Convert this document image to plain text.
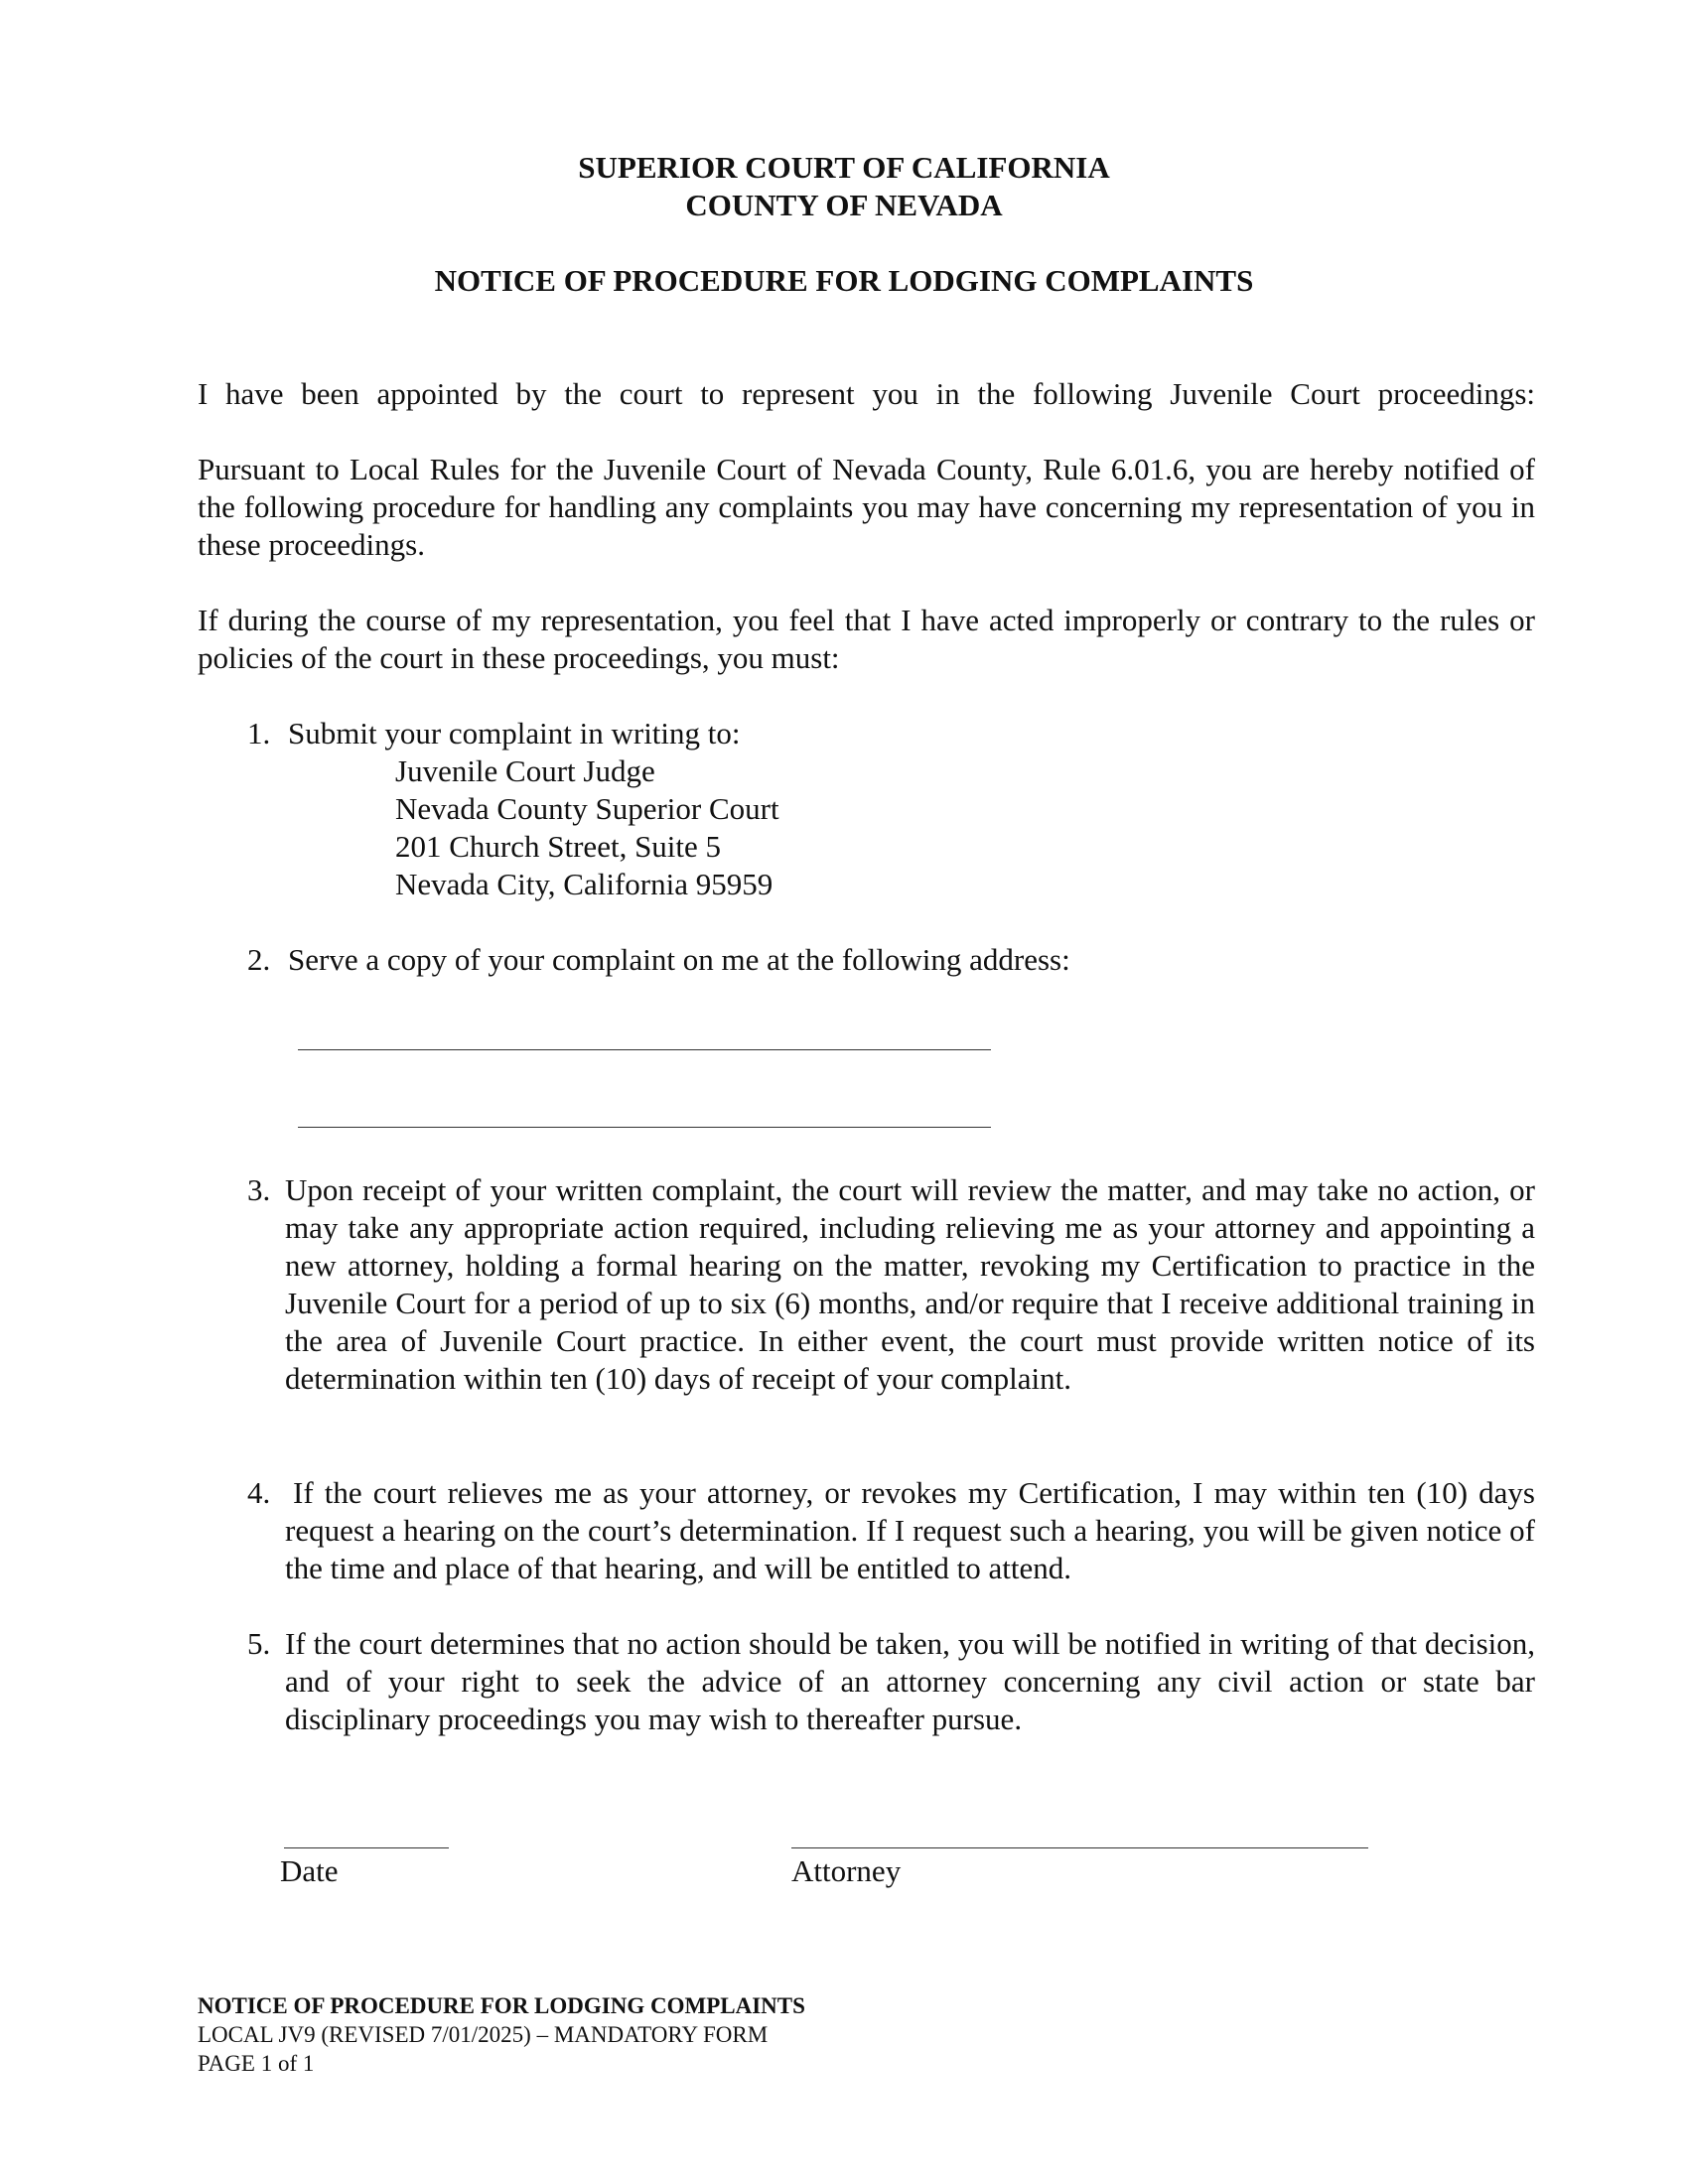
SUPERIOR COURT OF CALIFORNIA
COUNTY OF NEVADA
NOTICE OF PROCEDURE FOR LODGING COMPLAINTS
I have been appointed by the court to represent you in the following Juvenile Court proceedings:
Pursuant to Local Rules for the Juvenile Court of Nevada County, Rule 6.01.6, you are hereby notified of the following procedure for handling any complaints you may have concerning my representation of you in these proceedings.
If during the course of my representation, you feel that I have acted improperly or contrary to the rules or policies of the court in these proceedings, you must:
1. Submit your complaint in writing to:
Juvenile Court Judge
Nevada County Superior Court
201 Church Street, Suite 5
Nevada City, California 95959
2. Serve a copy of your complaint on me at the following address:
3. Upon receipt of your written complaint, the court will review the matter, and may take no action, or may take any appropriate action required, including relieving me as your attorney and appointing a new attorney, holding a formal hearing on the matter, revoking my Certification to practice in the Juvenile Court for a period of up to six (6) months, and/or require that I receive additional training in the area of Juvenile Court practice. In either event, the court must provide written notice of its determination within ten (10) days of receipt of your complaint.
4. If the court relieves me as your attorney, or revokes my Certification, I may within ten (10) days request a hearing on the court’s determination. If I request such a hearing, you will be given notice of the time and place of that hearing, and will be entitled to attend.
5. If the court determines that no action should be taken, you will be notified in writing of that decision, and of your right to seek the advice of an attorney concerning any civil action or state bar disciplinary proceedings you may wish to thereafter pursue.
Date	Attorney
NOTICE OF PROCEDURE FOR LODGING COMPLAINTS
LOCAL JV9 (REVISED 7/01/2025) – MANDATORY FORM
PAGE 1 of 1
